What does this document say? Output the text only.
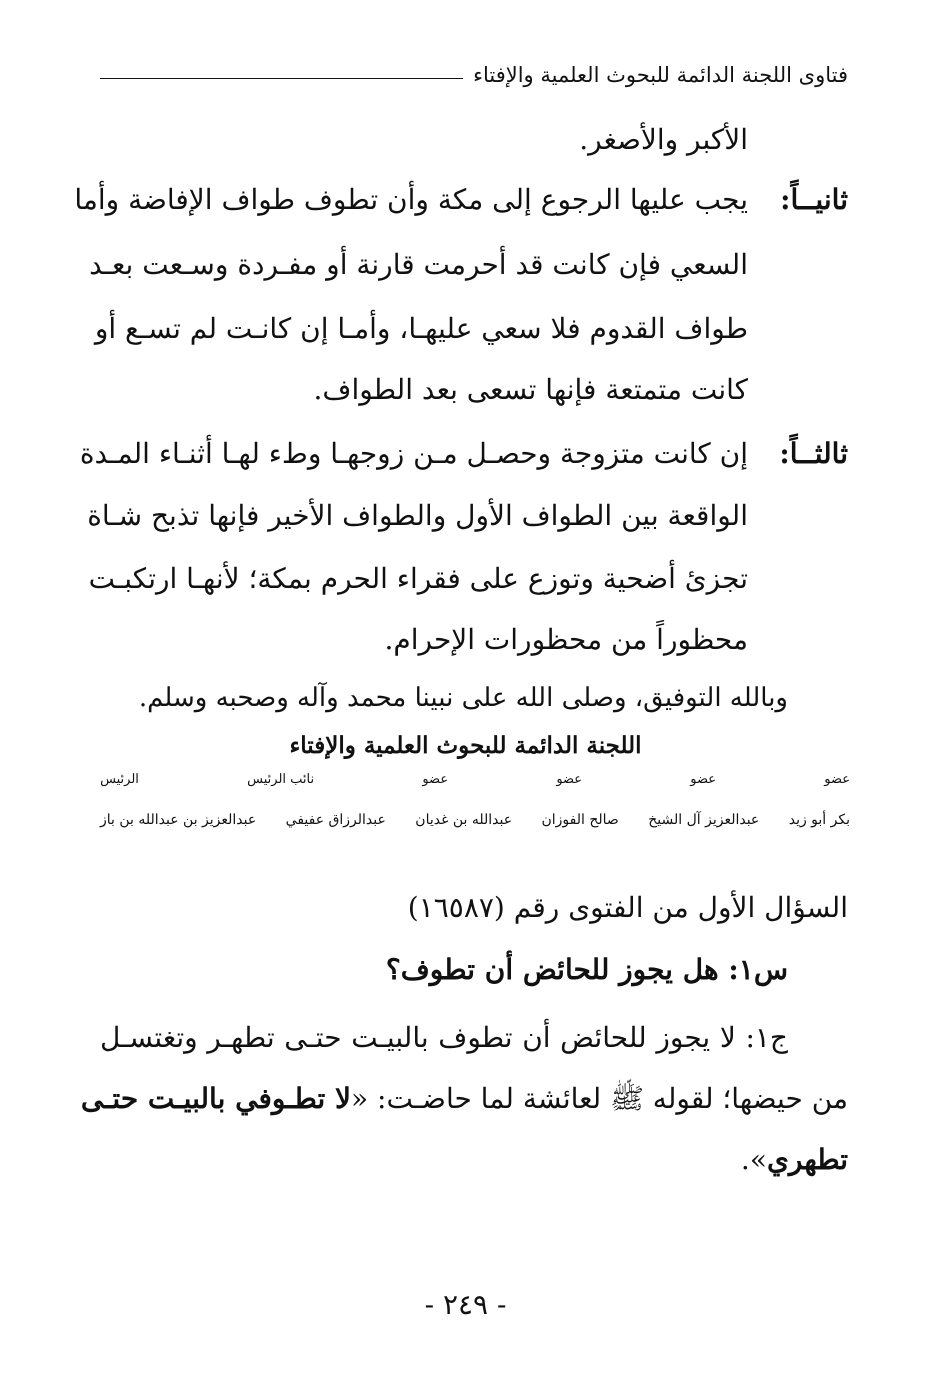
فتاوى اللجنة الدائمة للبحوث العلمية والإفتاء
الأكبر والأصغر.
ثانيــاً:
يجب عليها الرجوع إلى مكة وأن تطوف طواف الإفاضة وأما
السعي فإن كانت قد أحرمت قارنة أو مفـردة وسـعت بعـد
طواف القدوم فلا سعي عليهـا، وأمـا إن كانـت لم تسـع أو
كانت متمتعة فإنها تسعى بعد الطواف.
ثالثــاً:
إن كانت متزوجة وحصـل مـن زوجهـا وطء لهـا أثنـاء المـدة
الواقعة بين الطواف الأول والطواف الأخير فإنها تذبح شـاة
تجزئ أضحية وتوزع على فقراء الحرم بمكة؛ لأنهـا ارتكبـت
محظوراً من محظورات الإحرام.
وبالله التوفيق، وصلى الله على نبينا محمد وآله وصحبه وسلم.
اللجنة الدائمة للبحوث العلمية والإفتاء
عضو
عضو
عضو
عضو
نائب الرئيس
الرئيس
بكر أبو زيد
عبدالعزيز آل الشيخ
صالح الفوزان
عبدالله بن غديان
عبدالرزاق عفيفي
عبدالعزيز بن عبدالله بن باز
السؤال الأول من الفتوى رقم (١٦٥٨٧)
س١: هل يجوز للحائض أن تطوف؟
ج١: لا يجوز للحائض أن تطوف بالبيـت حتـى تطهـر وتغتسـل
من حيضها؛ لقوله ﷺ لعائشة لما حاضـت: «لا تطـوفي بالبيـت حتـى
تطهري».
- ٢٤٩ -
